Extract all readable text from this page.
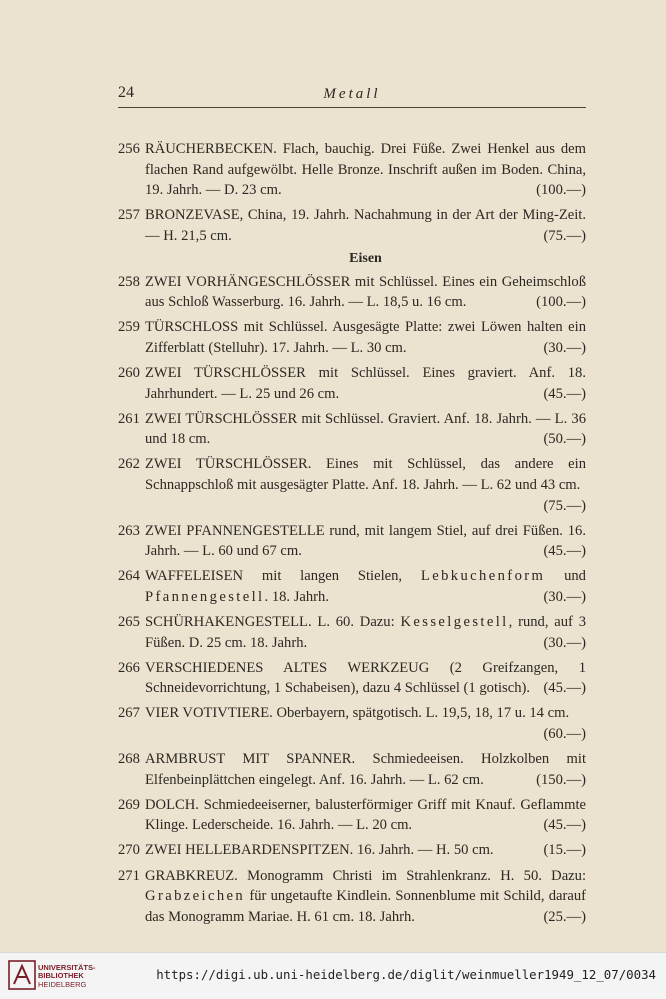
24	Metall
256 RÄUCHERBECKEN. Flach, bauchig. Drei Füße. Zwei Henkel aus dem flachen Rand aufgewölbt. Helle Bronze. Inschrift außen im Boden. China, 19. Jahrh. — D. 23 cm.	(100.—)
257 BRONZEVASE, China, 19. Jahrh. Nachahmung in der Art der Ming-Zeit. — H. 21,5 cm.	(75.—)
Eisen
258 ZWEI VORHÄNGESCHLÖSSER mit Schlüssel. Eines ein Geheimschloß aus Schloß Wasserburg. 16. Jahrh. — L. 18,5 u. 16 cm.	(100.—)
259 TÜRSCHLOSS mit Schlüssel. Ausgesägte Platte: zwei Löwen halten ein Zifferblatt (Stelluhr). 17. Jahrh. — L. 30 cm.	(30.—)
260 ZWEI TÜRSCHLÖSSER mit Schlüssel. Eines graviert. Anf. 18. Jahrhundert. — L. 25 und 26 cm.	(45.—)
261 ZWEI TÜRSCHLÖSSER mit Schlüssel. Graviert. Anf. 18. Jahrh. — L. 36 und 18 cm.	(50.—)
262 ZWEI TÜRSCHLÖSSER. Eines mit Schlüssel, das andere ein Schnappschloß mit ausgesägter Platte. Anf. 18. Jahrh. — L. 62 und 43 cm.
(75.—)
263 ZWEI PFANNENGESTELLE rund, mit langem Stiel, auf drei Füßen. 16. Jahrh. — L. 60 und 67 cm.	(45.—)
264 WAFFELEISEN mit langen Stielen, Lebkuchenform und Pfannengestell. 18. Jahrh.	(30.—)
265 SCHÜRHAKENGESTELL. L. 60. Dazu: Kesselgestell, rund, auf 3 Füßen. D. 25 cm. 18. Jahrh.	(30.—)
266 VERSCHIEDENES ALTES WERKZEUG (2 Greifzangen, 1 Schneidevorrichtung, 1 Schabeisen), dazu 4 Schlüssel (1 gotisch). (45.—)
267 VIER VOTIVTIERE. Oberbayern, spätgotisch. L. 19,5, 18, 17 u. 14 cm.
(60.—)
268 ARMBRUST MIT SPANNER. Schmiedeeisen. Holzkolben mit Elfenbeinplättchen eingelegt. Anf. 16. Jahrh. — L. 62 cm.	(150.—)
269 DOLCH. Schmiedeeiserner, balusterförmiger Griff mit Knauf. Geflammte Klinge. Lederscheide. 16. Jahrh. — L. 20 cm.	(45.—)
270 ZWEI HELLEBARDENSPITZEN. 16. Jahrh. — H. 50 cm.	(15.—)
271 GRABKREUZ. Monogramm Christi im Strahlenkranz. H. 50. Dazu: Grabzeichen für ungetaufte Kindlein. Sonnenblume mit Schild, darauf das Monogramm Mariae. H. 61 cm. 18. Jahrh.	(25.—)
UNIVERSITÄTS-
BIBLIOTHEK
HEIDELBERG
https://digi.ub.uni-heidelberg.de/diglit/weinmueller1949_12_07/0034
